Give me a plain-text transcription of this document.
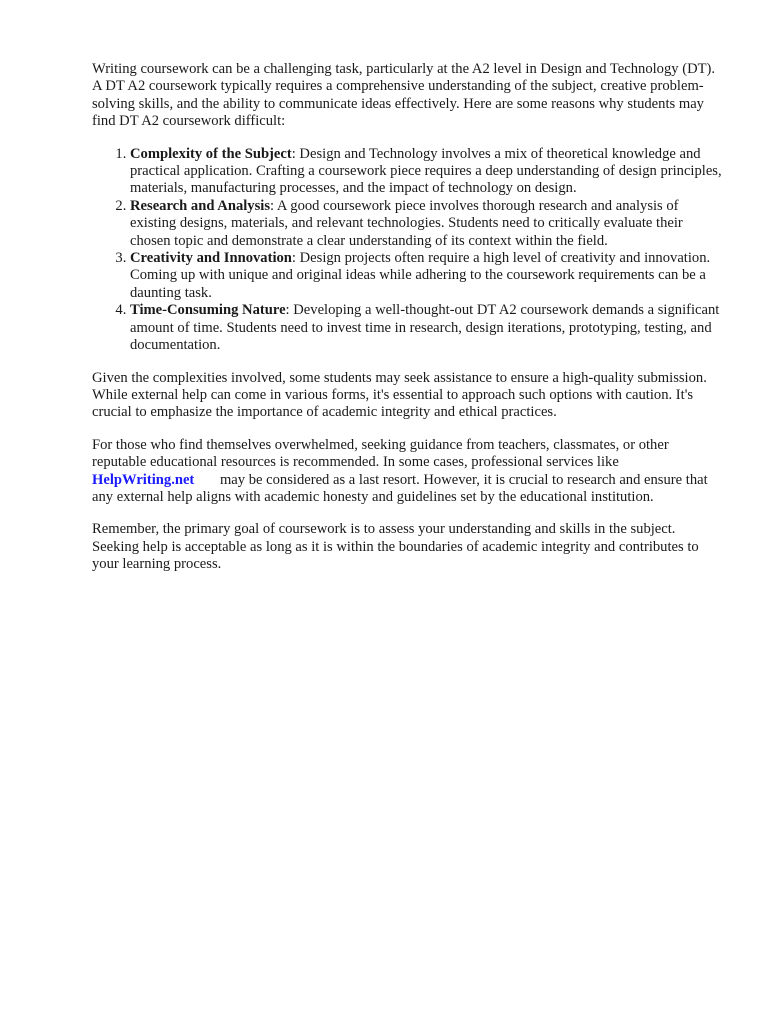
Writing coursework can be a challenging task, particularly at the A2 level in Design and Technology (DT). A DT A2 coursework typically requires a comprehensive understanding of the subject, creative problem-solving skills, and the ability to communicate ideas effectively. Here are some reasons why students may find DT A2 coursework difficult:

1. Complexity of the Subject: Design and Technology involves a mix of theoretical knowledge and practical application. Crafting a coursework piece requires a deep understanding of design principles, materials, manufacturing processes, and the impact of technology on design.
2. Research and Analysis: A good coursework piece involves thorough research and analysis of existing designs, materials, and relevant technologies. Students need to critically evaluate their chosen topic and demonstrate a clear understanding of its context within the field.
3. Creativity and Innovation: Design projects often require a high level of creativity and innovation. Coming up with unique and original ideas while adhering to the coursework requirements can be a daunting task.
4. Time-Consuming Nature: Developing a well-thought-out DT A2 coursework demands a significant amount of time. Students need to invest time in research, design iterations, prototyping, testing, and documentation.

Given the complexities involved, some students may seek assistance to ensure a high-quality submission. While external help can come in various forms, it's essential to approach such options with caution. It's crucial to emphasize the importance of academic integrity and ethical practices.

For those who find themselves overwhelmed, seeking guidance from teachers, classmates, or other reputable educational resources is recommended. In some cases, professional services like HelpWriting.net may be considered as a last resort. However, it is crucial to research and ensure that any external help aligns with academic honesty and guidelines set by the educational institution.

Remember, the primary goal of coursework is to assess your understanding and skills in the subject. Seeking help is acceptable as long as it is within the boundaries of academic integrity and contributes to your learning process.
